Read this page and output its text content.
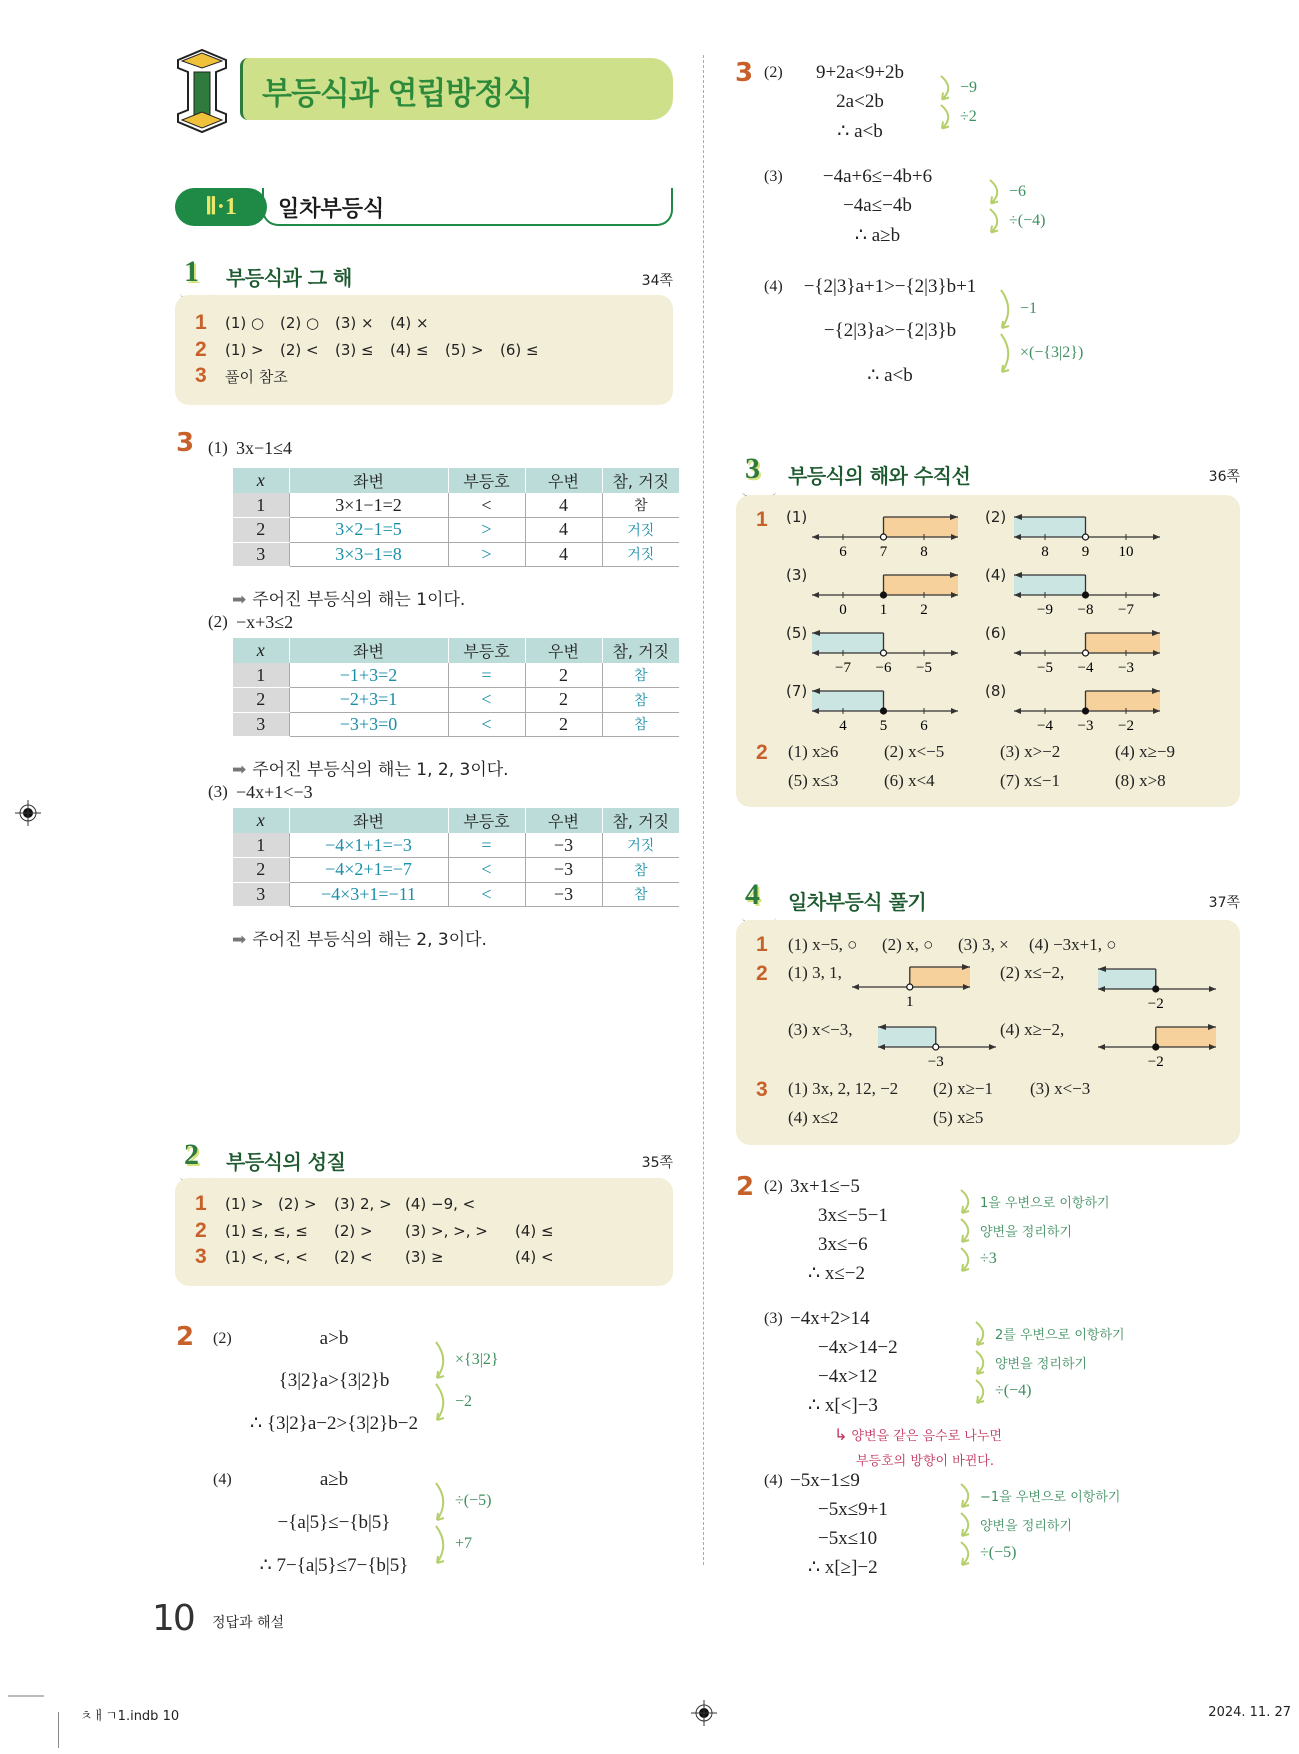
부등식과 연립방정식
Ⅱ·1	일차부등식
1 부등식과 그 해	34쪽
3
2 부등식의 성질	35쪽
2
3
3 부등식의 해와 수직선	36쪽
1
2
4 일차부등식 풀기	37쪽
2
10 정답과 해설
ㅊㅐㄱ1.indb 10	2024. 11. 27
1	(1) ○	(2) ○	(3) ×	(4) ×
2	(1) >	(2) <	(3) ≤	(4) ≤	(5) >	(6) ≤
3	풀이 참조
1	(1) > (2) >	(3) 2, > (4) −9, <
2	(1) ≤, ≤, ≤	(2) >	(3) >, >, >	(4) ≤
3	(1) <, <, <	(2) <	(3) ≥	(4) <
(1) 3x−1≤4
x	좌변	부등호	우변	참, 거짓
1	3×1−1=2	<	4	참
2	3×2−1=5	>	4	거짓
3	3×3−1=8	>	4	거짓
➡ 주어진 부등식의 해는 1이다.
(2) −x+3≤2
x	좌변	부등호	우변	참, 거짓
1	−1+3=2	=	2	참
2	−2+3=1	<	2	참
3	−3+3=0	<	2	참
➡ 주어진 부등식의 해는 1, 2, 3이다.
(3) −4x+1<−3
x	좌변	부등호	우변	참, 거짓
1	−4×1+1=−3	=	−3	거짓
2	−4×2+1=−7	<	−3	참
3	−4×3+1=−11	<	−3	참
➡ 주어진 부등식의 해는 2, 3이다.
(2)	a>b
{3|2}a>{3|2}b
∴ {3|2}a−2>{3|2}b−2
×{3|2}
−2
(4)	a≥b
−{a|5}≤−{b|5}
∴ 7−{a|5}≤7−{b|5}
÷(−5)
+7
(2)	9+2a<9+2b
2a<2b
∴ a<b
−9
÷2
(3)	−4a+6≤−4b+6
−4a≤−4b
∴ a≥b
−6
÷(−4)
(4)	−{2|3}a+1>−{2|3}b+1
−{2|3}a>−{2|3}b
∴ a<b
−1
×(−{3|2})
(2) 3x+1≤−5
3x≤−5−1
3x≤−6
∴ x≤−2
1을 우변으로 이항하기
양변을 정리하기
÷3
(3) −4x+2>14
−4x>14−2
−4x>12
∴ x[<]−3
2를 우변으로 이항하기
양변을 정리하기
÷(−4)
↳ 양변을 같은 음수로 나누면
부등호의 방향이 바뀐다.
(4) −5x−1≤9
−5x≤9+1
−5x≤10
∴ x[≥]−2
−1을 우변으로 이항하기
양변을 정리하기
÷(−5)
(1)
6 7 8
(2)
8 9 10
(3)
0 1 2
(4)
−9 −8 −7
(5)
−7 −6 −5
(6)
−5 −4 −3
(7)
4 5 6
(8)
−4 −3 −2
(1) x≥6	(2) x<−5	(3) x>−2	(4) x≥−9
(5) x≤3	(6) x<4	(7) x≤−1	(8) x>8
1
2
3
(1) x−5, ○ (2) x, ○ (3) 3, × (4) −3x+1, ○
(1) 3, 1,
1
(2) x≤−2,
−2
(3) x<−3,
−3
(4) x≥−2,
−2
(1) 3x, 2, 12, −2 (2) x≥−1 (3) x<−3
(4) x≤2	(5) x≥5
